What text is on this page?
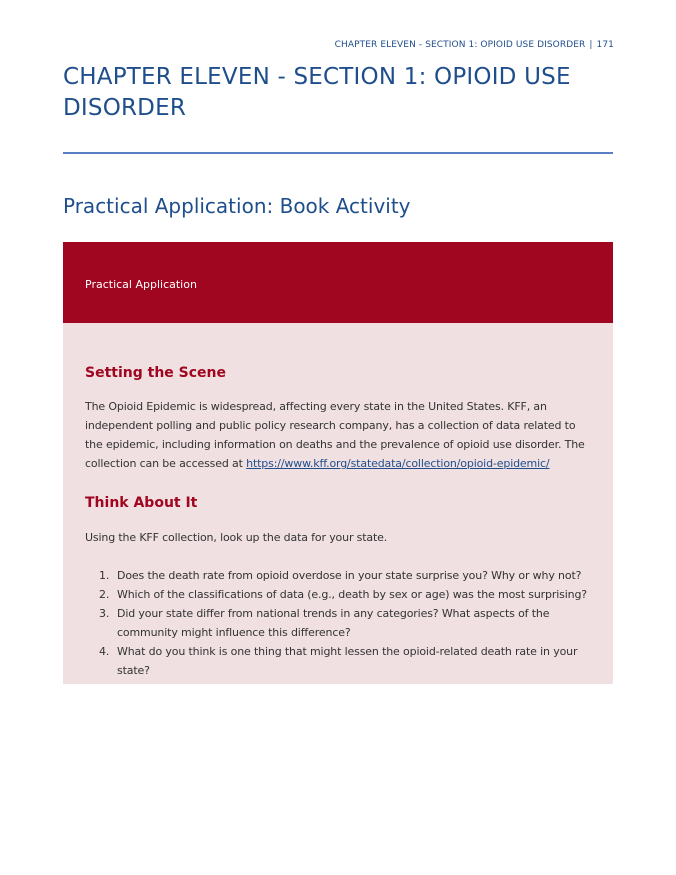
CHAPTER ELEVEN - SECTION 1: OPIOID USE DISORDER | 171
CHAPTER ELEVEN - SECTION 1: OPIOID USE DISORDER
Practical Application: Book Activity
Practical Application
Setting the Scene

The Opioid Epidemic is widespread, affecting every state in the United States. KFF, an independent polling and public policy research company, has a collection of data related to the epidemic, including information on deaths and the prevalence of opioid use disorder. The collection can be accessed at https://www.kff.org/statedata/collection/opioid-epidemic/

Think About It

Using the KFF collection, look up the data for your state.

1. Does the death rate from opioid overdose in your state surprise you? Why or why not?
2. Which of the classifications of data (e.g., death by sex or age) was the most surprising?
3. Did your state differ from national trends in any categories? What aspects of the community might influence this difference?
4. What do you think is one thing that might lessen the opioid-related death rate in your state?
